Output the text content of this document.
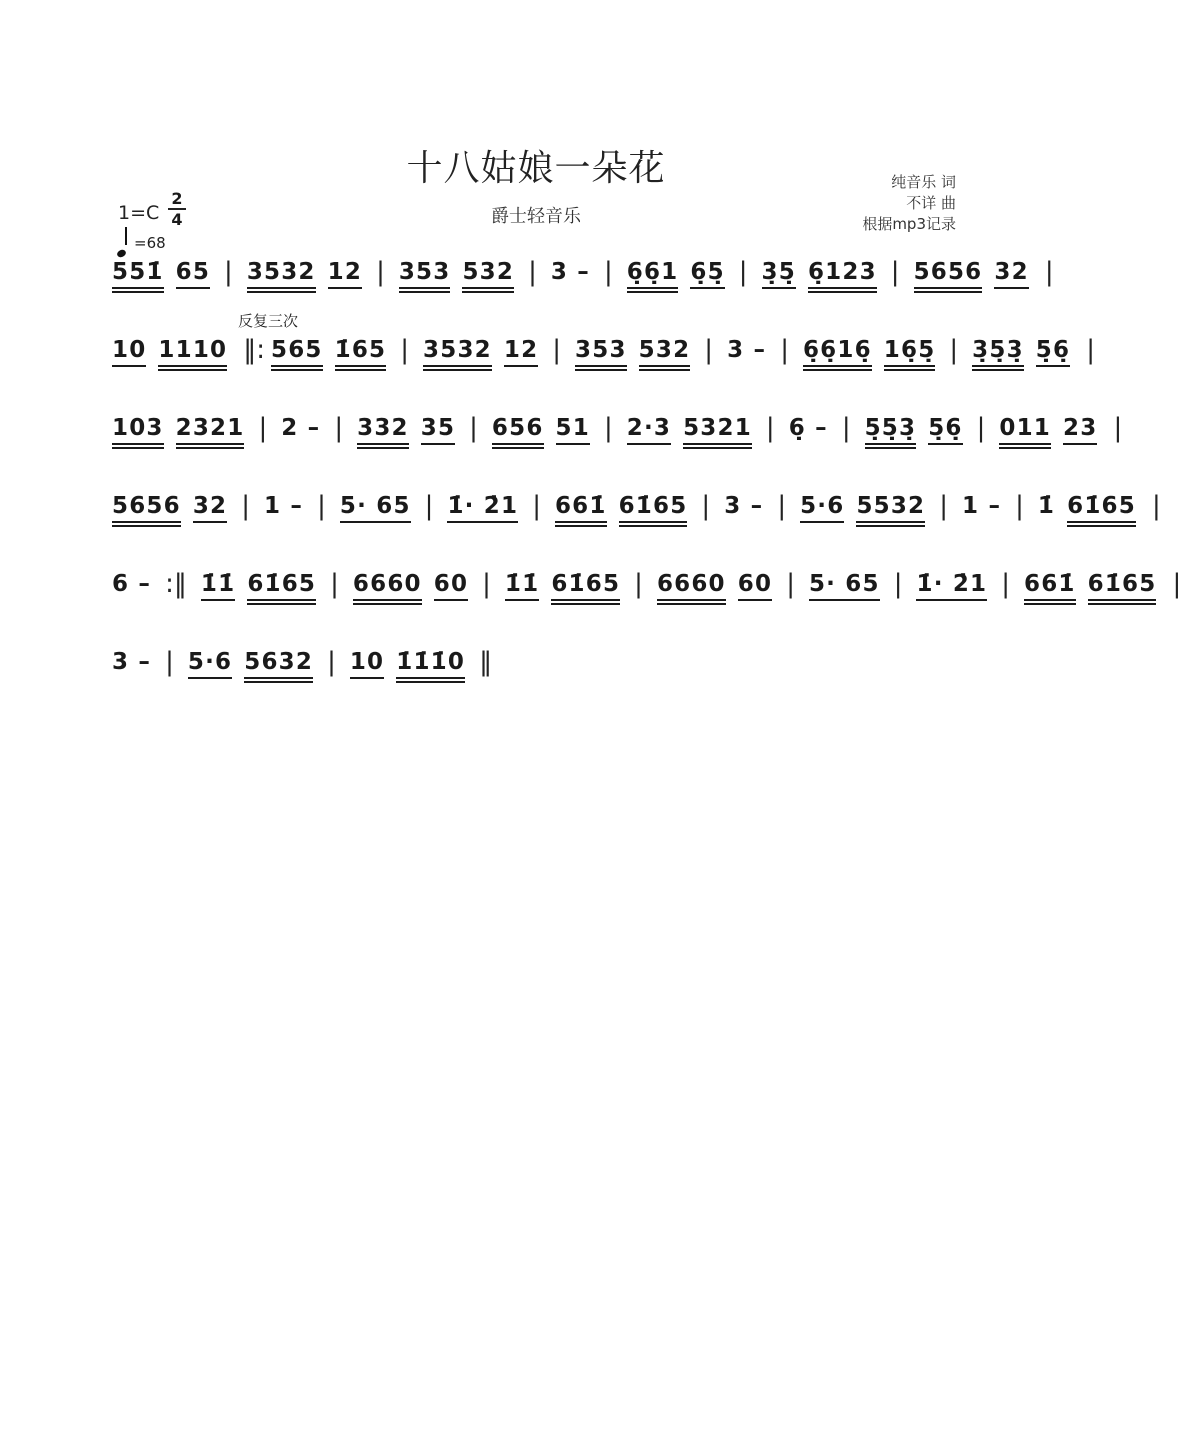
十八姑娘一朵花
爵士轻音乐
纯音乐 词
不详 曲
根据mp3记录
1=C
2
4
=68
反复三次
551̇ 65 | 3532 12 | 353 532 | 3 – | 6̣6̣1 6̣5̣ | 3̣5̣ 6̣123 | 5656 32 |
10 1110 ‖: 565 1̇65 | 3532 12 | 353 532 | 3 – | 6̣6̣16̣ 16̣5̣ | 3̣5̣3̣ 5̣6̣ |
103 2321 | 2 – | 332 35 | 656 51 | 2·3 5321 | 6̣ – | 5̣5̣3̣ 5̣6̣ | 011 23 |
5656 32 | 1 – | 5· 65 | 1̇· 2̇1 | 661̇ 61̇65 | 3 – | 5·6 5532 | 1 – | 1̇ 61̇65 |
6 – :‖ 1̇1̇ 61̇65 | 6660 60 | 1̇1̇ 61̇65 | 6660 60 | 5· 65 | 1̇· 2̇1 | 661̇ 61̇65 |
3 – | 5·6 5632 | 10 1̇1̇1̇0 ‖
